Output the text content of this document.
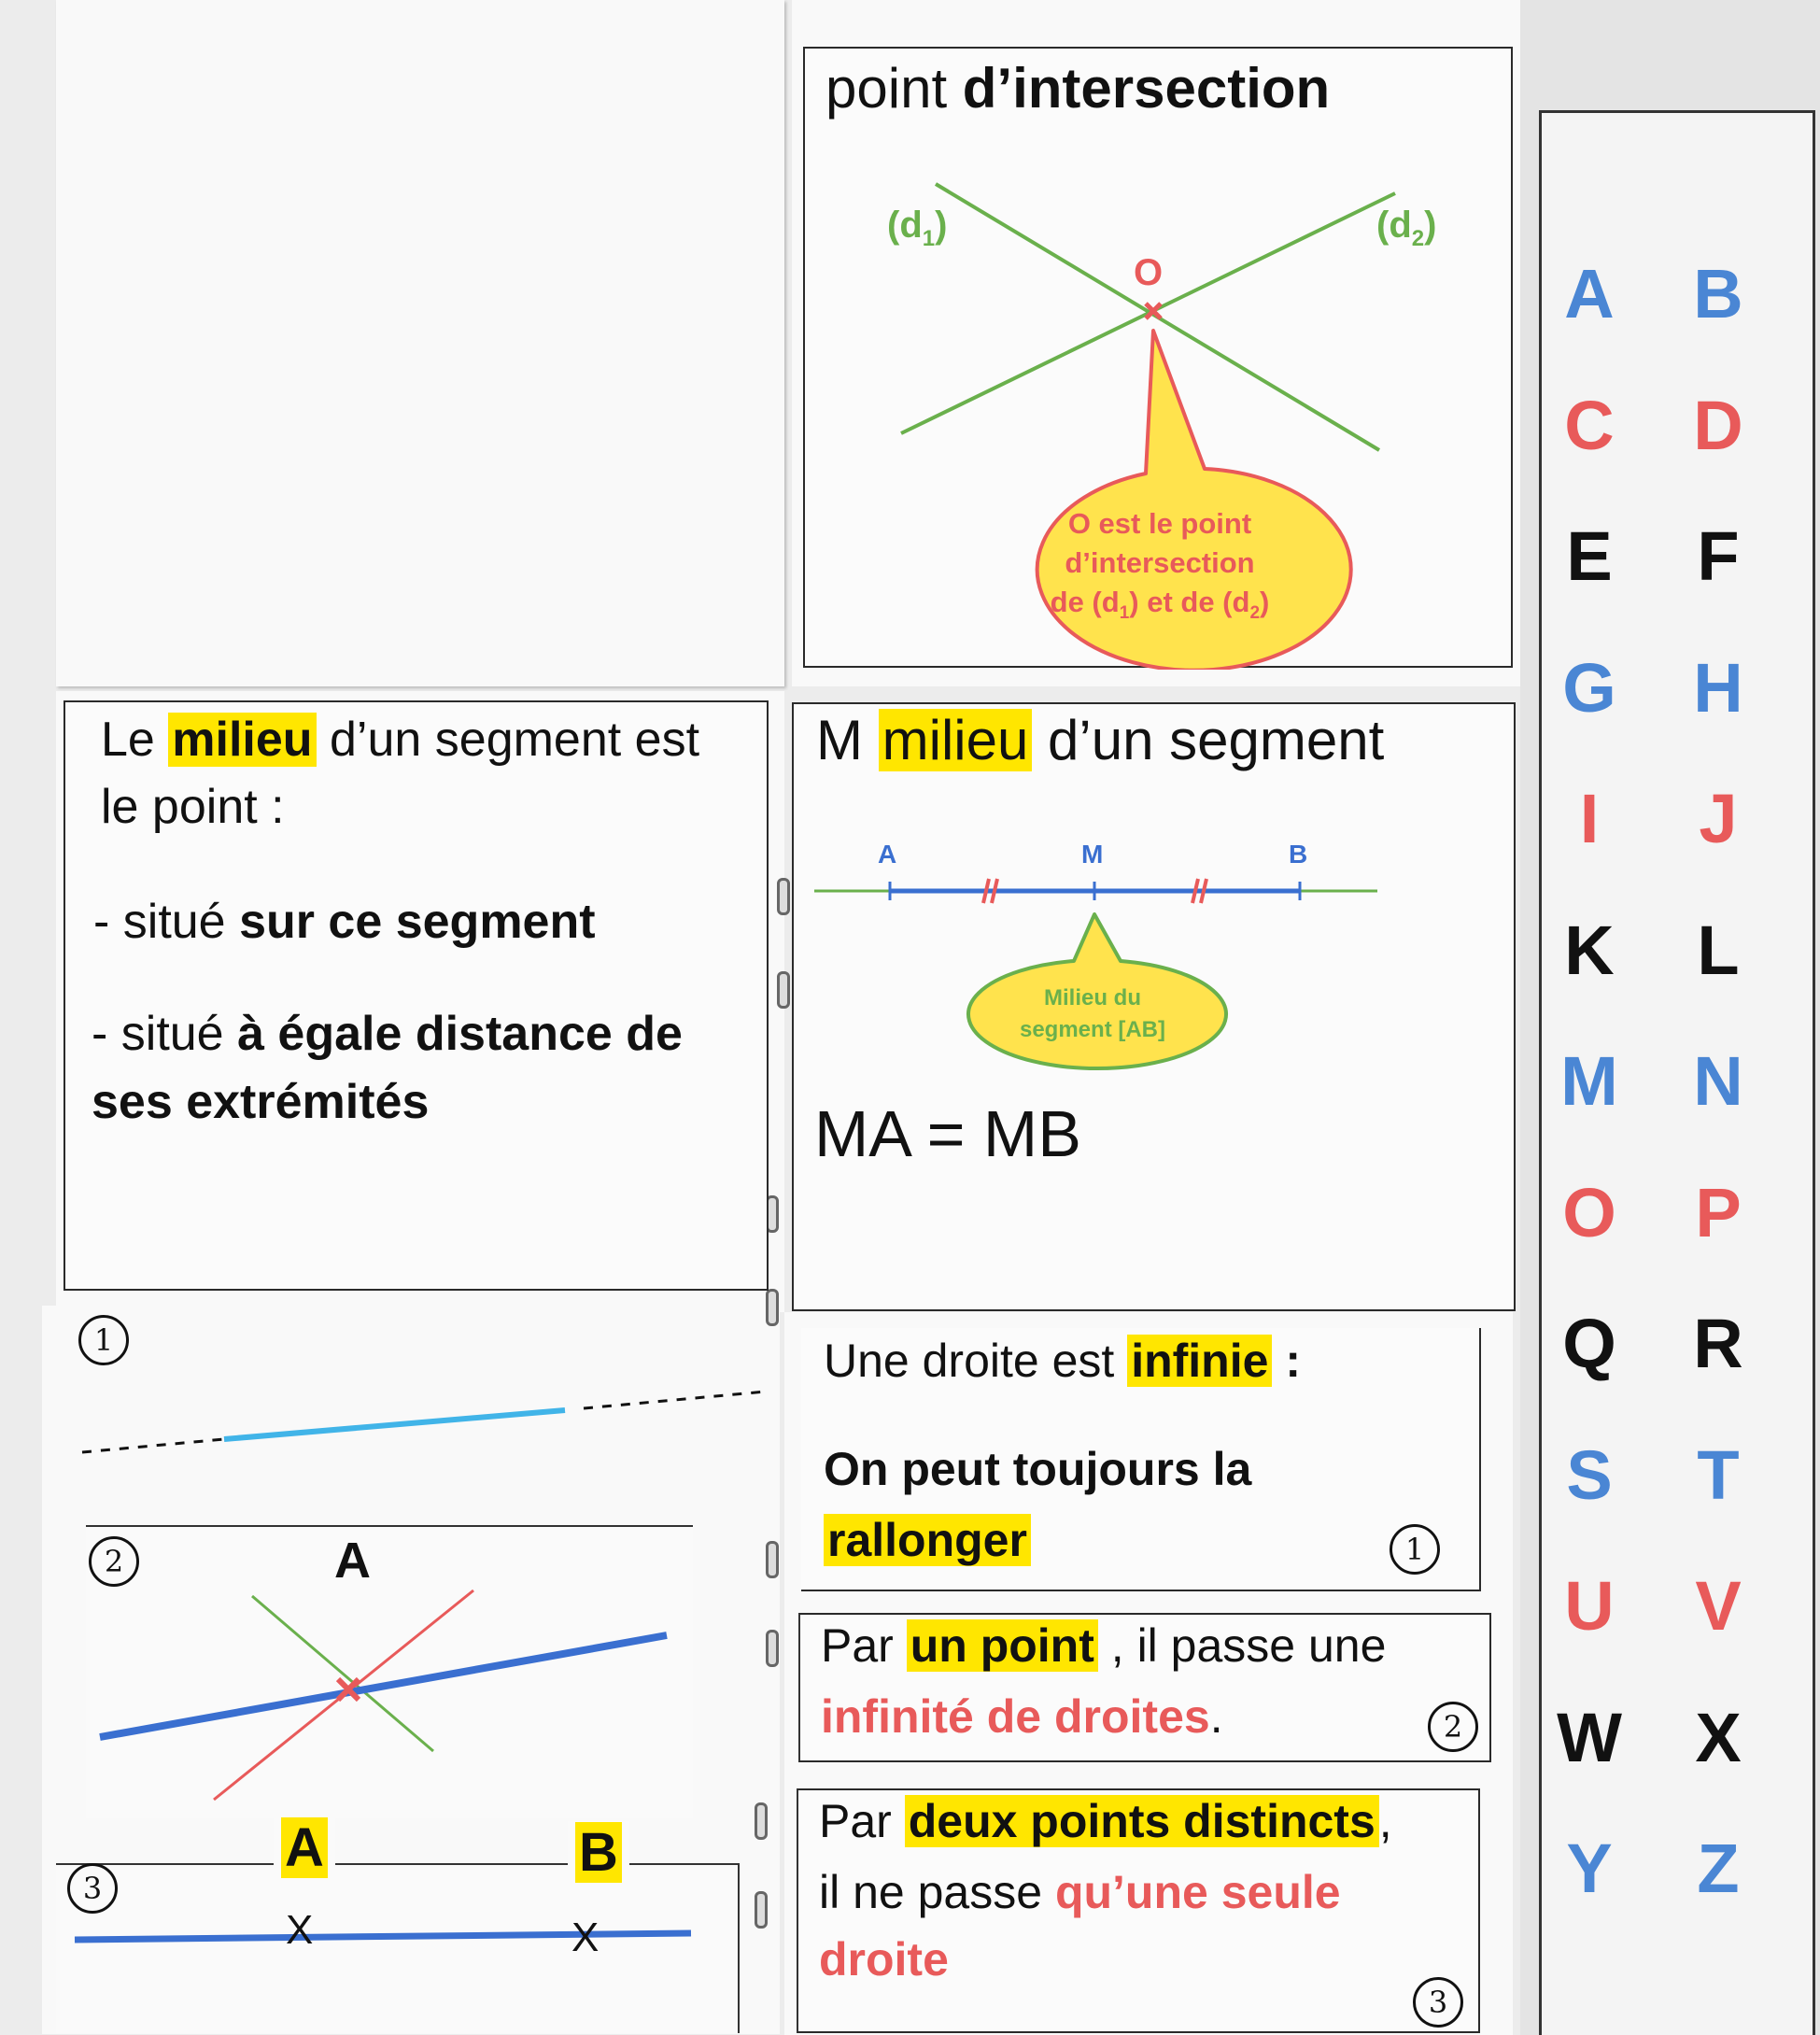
point d’intersection
$(d_1)$	$(d_2)$
O
O est le point
d’intersection
de $(d_1)$ et de $(d_2)$
Le milieu d’un segment est
le point :
- situé sur ce segment
- situé à égale distance de
ses extrémités
M milieu d’un segment
A	M	B
Milieu du
segment [AB]
MA = MB
1
2	A
3
A	B
X	X
Une droite est infinie :
On peut toujours la
rallonger	1
Par un point , il passe une
infinité de droites.	2
Par deux points distincts,
il ne passe qu’une seule
droite
3
A B
C D
E	F
G H
I	J
K	L
M N
O P
Q R
S	T
U V
W X
Y	Z
